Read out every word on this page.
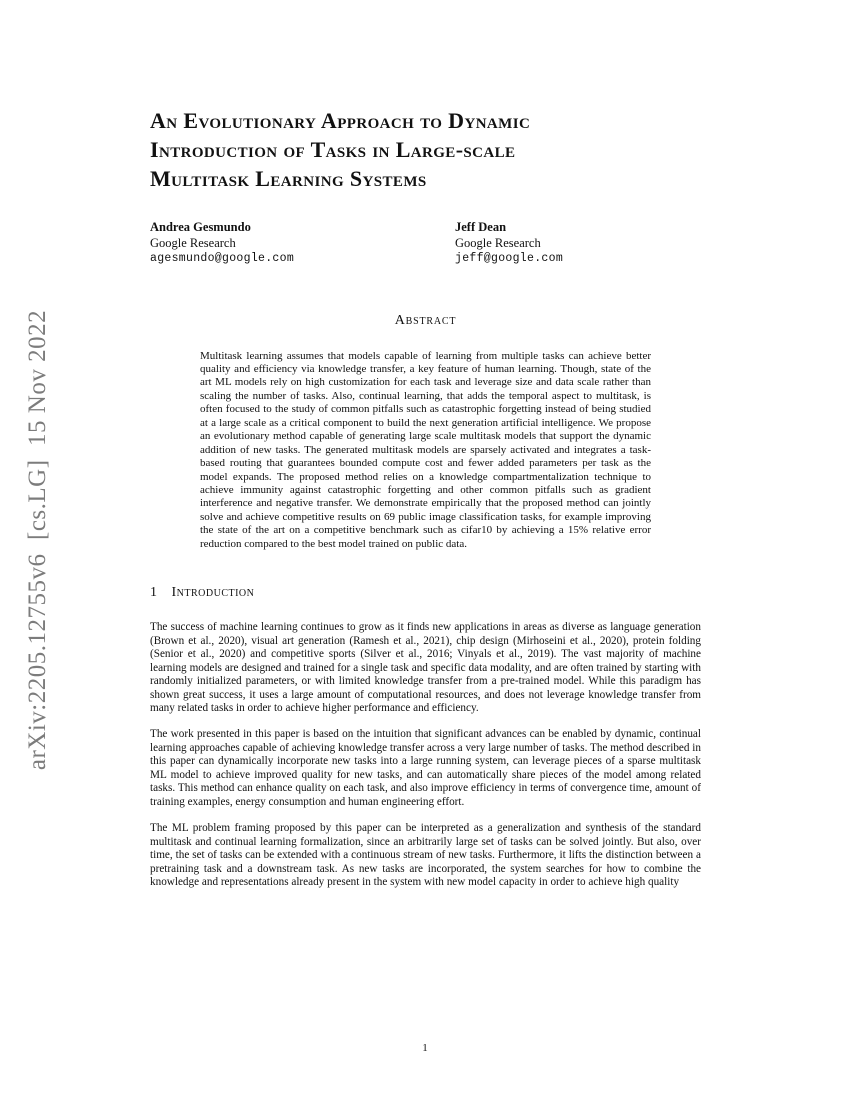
arXiv:2205.12755v6  [cs.LG]  15 Nov 2022
An Evolutionary Approach to Dynamic
Introduction of Tasks in Large-scale
Multitask Learning Systems
Andrea Gesmundo
Google Research
agesmundo@google.com
Jeff Dean
Google Research
jeff@google.com
Abstract
Multitask learning assumes that models capable of learning from multiple tasks can achieve better quality and efficiency via knowledge transfer, a key feature of human learning. Though, state of the art ML models rely on high customization for each task and leverage size and data scale rather than scaling the number of tasks. Also, continual learning, that adds the temporal aspect to multitask, is often focused to the study of common pitfalls such as catastrophic forgetting instead of being studied at a large scale as a critical component to build the next generation artificial intelligence. We propose an evolutionary method capable of generating large scale multitask models that support the dynamic addition of new tasks. The generated multitask models are sparsely activated and integrates a task-based routing that guarantees bounded compute cost and fewer added parameters per task as the model expands. The proposed method relies on a knowledge compartmentalization technique to achieve immunity against catastrophic forgetting and other common pitfalls such as gradient interference and negative transfer. We demonstrate empirically that the proposed method can jointly solve and achieve competitive results on 69 public image classification tasks, for example improving the state of the art on a competitive benchmark such as cifar10 by achieving a 15% relative error reduction compared to the best model trained on public data.
1 Introduction

The success of machine learning continues to grow as it finds new applications in areas as diverse as language generation (Brown et al., 2020), visual art generation (Ramesh et al., 2021), chip design (Mirhoseini et al., 2020), protein folding (Senior et al., 2020) and competitive sports (Silver et al., 2016; Vinyals et al., 2019). The vast majority of machine learning models are designed and trained for a single task and specific data modality, and are often trained by starting with randomly initialized parameters, or with limited knowledge transfer from a pre-trained model. While this paradigm has shown great success, it uses a large amount of computational resources, and does not leverage knowledge transfer from many related tasks in order to achieve higher performance and efficiency.

The work presented in this paper is based on the intuition that significant advances can be enabled by dynamic, continual learning approaches capable of achieving knowledge transfer across a very large number of tasks. The method described in this paper can dynamically incorporate new tasks into a large running system, can leverage pieces of a sparse multitask ML model to achieve improved quality for new tasks, and can automatically share pieces of the model among related tasks. This method can enhance quality on each task, and also improve efficiency in terms of convergence time, amount of training examples, energy consumption and human engineering effort.

The ML problem framing proposed by this paper can be interpreted as a generalization and synthesis of the standard multitask and continual learning formalization, since an arbitrarily large set of tasks can be solved jointly. But also, over time, the set of tasks can be extended with a continuous stream of new tasks. Furthermore, it lifts the distinction between a pretraining task and a downstream task. As new tasks are incorporated, the system searches for how to combine the knowledge and representations already present in the system with new model capacity in order to achieve high quality

1
